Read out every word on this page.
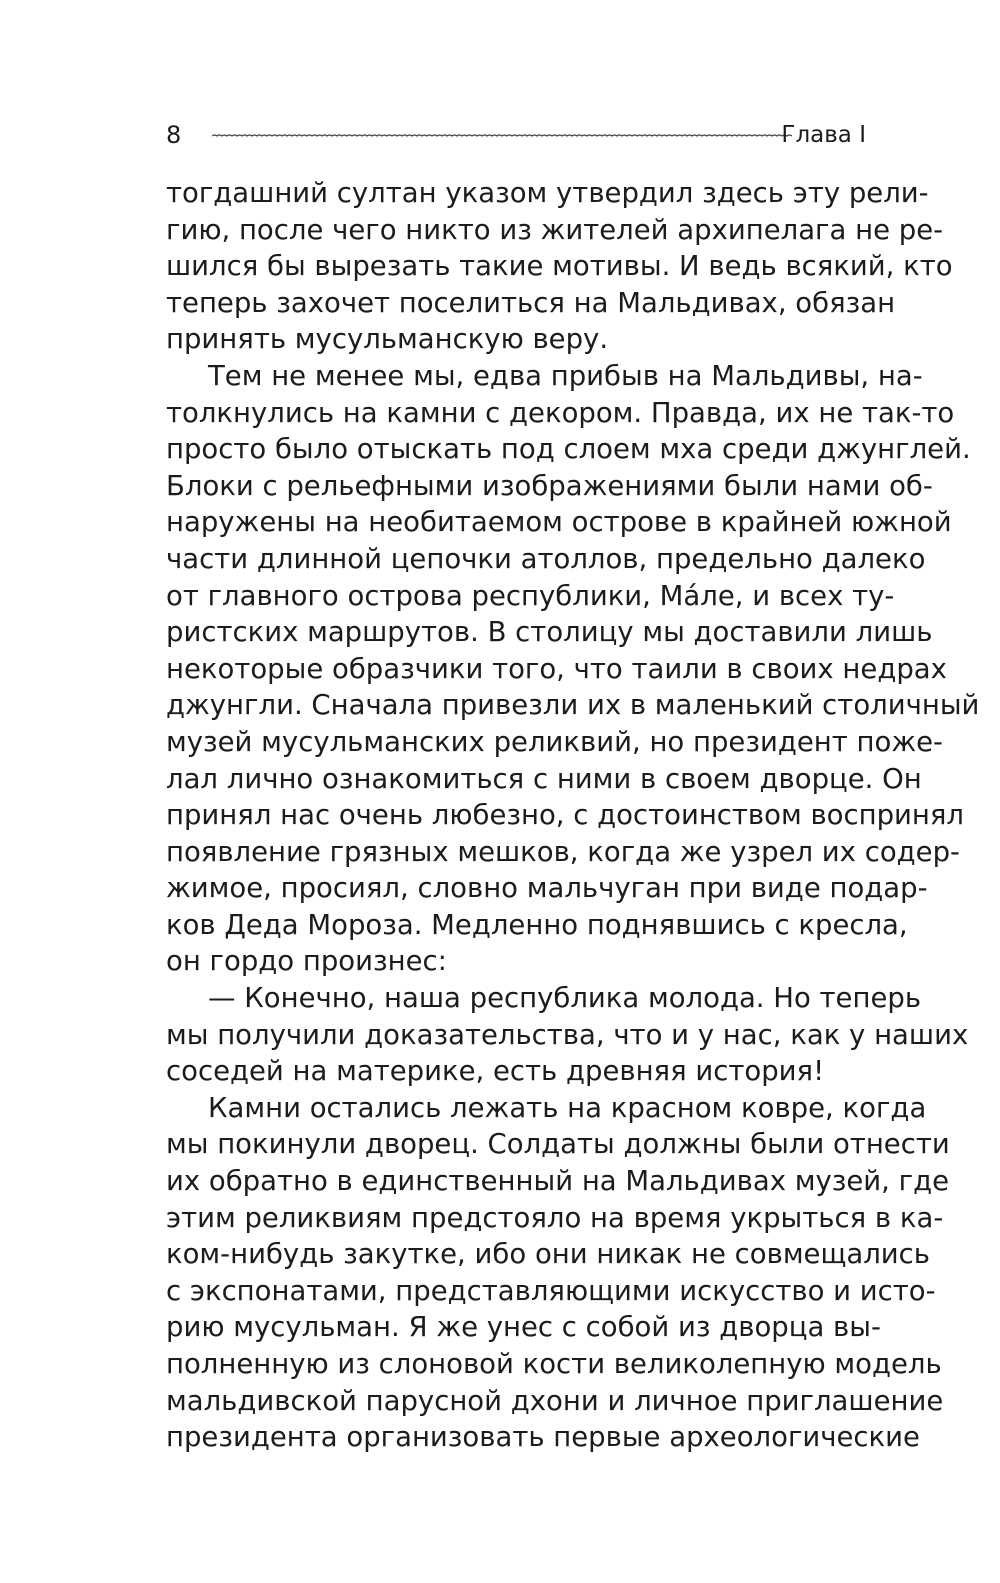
8	Глава I
тогдашний султан указом утвердил здесь эту рели-
гию, после чего никто из жителей архипелага не ре-
шился бы вырезать такие мотивы. И ведь всякий, кто
теперь захочет поселиться на Мальдивах, обязан
принять мусульманскую веру.
Тем не менее мы, едва прибыв на Мальдивы, на-
толкнулись на камни с декором. Правда, их не так-то
просто было отыскать под слоем мха среди джунглей.
Блоки с рельефными изображениями были нами об-
наружены на необитаемом острове в крайней южной
части длинной цепочки атоллов, предельно далеко
от главного острова республики, Мáле, и всех ту-
ристских маршрутов. В столицу мы доставили лишь
некоторые образчики того, что таили в своих недрах
джунгли. Сначала привезли их в маленький столичный
музей мусульманских реликвий, но президент поже-
лал лично ознакомиться с ними в своем дворце. Он
принял нас очень любезно, с достоинством воспринял
появление грязных мешков, когда же узрел их содер-
жимое, просиял, словно мальчуган при виде подар-
ков Деда Мороза. Медленно поднявшись с кресла,
он гордо произнес:
— Конечно, наша республика молода. Но теперь
мы получили доказательства, что и у нас, как у наших
соседей на материке, есть древняя история!
Камни остались лежать на красном ковре, когда
мы покинули дворец. Солдаты должны были отнести
их обратно в единственный на Мальдивах музей, где
этим реликвиям предстояло на время укрыться в ка-
ком-нибудь закутке, ибо они никак не совмещались
с экспонатами, представляющими искусство и исто-
рию мусульман. Я же унес с собой из дворца вы-
полненную из слоновой кости великолепную модель
мальдивской парусной дхони и личное приглашение
президента организовать первые археологические
